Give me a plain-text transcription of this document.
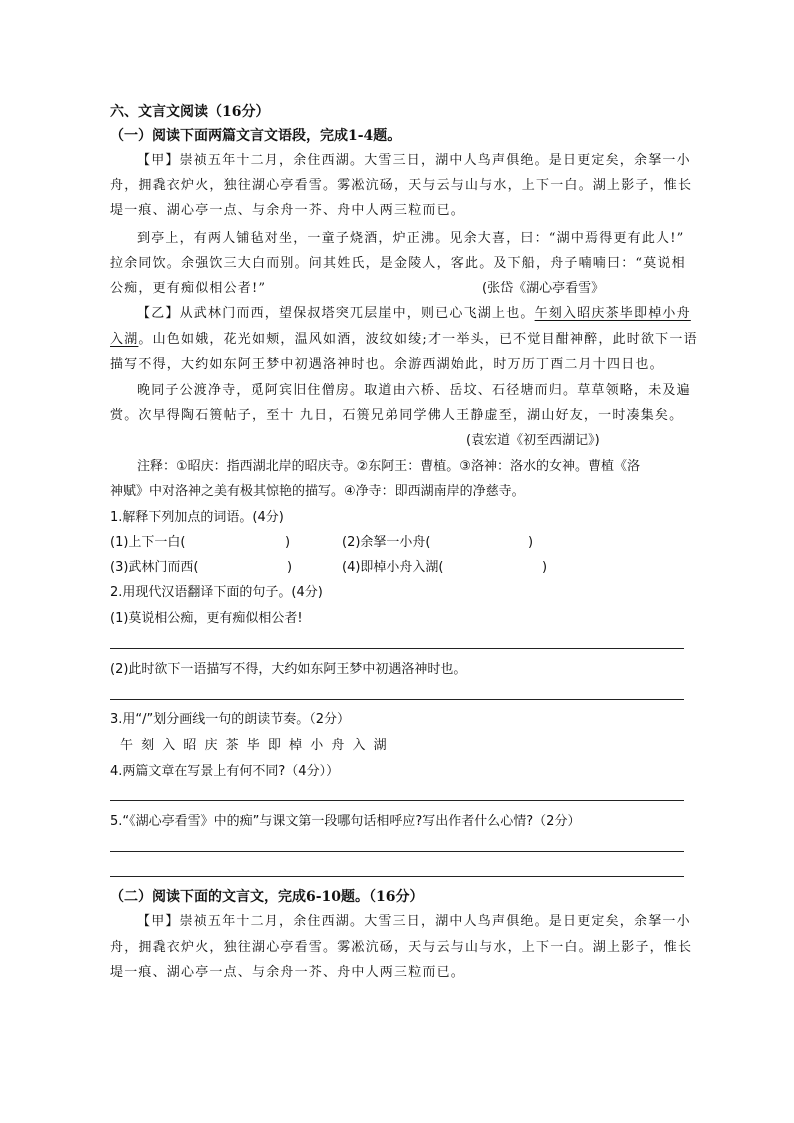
六、文言文阅读（16分）
（一）阅读下面两篇文言文语段，完成1-4题。
【甲】崇祯五年十二月，余住西湖。大雪三日，湖中人鸟声俱绝。是日更定矣，余拏一小
舟，拥毳衣炉火，独往湖心亭看雪。雾凇沆砀，天与云与山与水，上下一白。湖上影子，惟长
堤一痕、湖心亭一点、与余舟一芥、舟中人两三粒而已。
到亭上，有两人铺毡对坐，一童子烧酒，炉正沸。见余大喜，曰：“湖中焉得更有此人!”
拉余同饮。余强饮三大白而别。问其姓氏，是金陵人，客此。及下船，舟子喃喃曰：“莫说相
公痴，更有痴似相公者!”	(张岱《湖心亭看雪》
【乙】从武林门而西，望保叔塔突兀层崖中，则已心飞湖上也。午刻入昭庆茶毕即棹小舟
入湖。山色如娥，花光如颊，温风如酒，波纹如绫;才一举头，已不觉目酣神醉，此时欲下一语
描写不得，大约如东阿王梦中初遇洛神时也。余游西湖始此，时万历丁酉二月十四日也。
晚同子公渡净寺，觅阿宾旧住僧房。取道由六桥、岳坟、石径塘而归。草草领略，未及遍
赏。次早得陶石篑帖子，至十 九日，石篑兄弟同学佛人王静虚至，湖山好友，一时凑集矣。
(袁宏道《初至西湖记》)
注释：①昭庆：指西湖北岸的昭庆寺。②东阿王：曹植。③洛神：洛水的女神。曹植《洛
神赋》中对洛神之美有极其惊艳的描写。④净寺：即西湖南岸的净慈寺。
1.解释下列加点的词语。(4分)
(1)上下一白(	)	(2)余拏一小舟(	)
(3)武林门而西(	)	(4)即棹小舟入湖(	)
2.用现代汉语翻译下面的句子。(4分)
(1)莫说相公痴，更有痴似相公者!
(2)此时欲下一语描写不得，大约如东阿王梦中初遇洛神时也。
3.用“/”划分画线一句的朗读节奏。（2分）
午 刻 入 昭 庆 茶 毕 即 棹 小 舟 入 湖
4.两篇文章在写景上有何不同?（4分））
5.“《湖心亭看雪》中的痴”与课文第一段哪句话相呼应?写出作者什么心情?（2分）
（二）阅读下面的文言文，完成6-10题。（16分）
【甲】崇祯五年十二月，余住西湖。大雪三日，湖中人鸟声俱绝。是日更定矣，余拏一小
舟，拥毳衣炉火，独往湖心亭看雪。雾凇沆砀，天与云与山与水，上下一白。湖上影子，惟长
堤一痕、湖心亭一点、与余舟一芥、舟中人两三粒而已。
